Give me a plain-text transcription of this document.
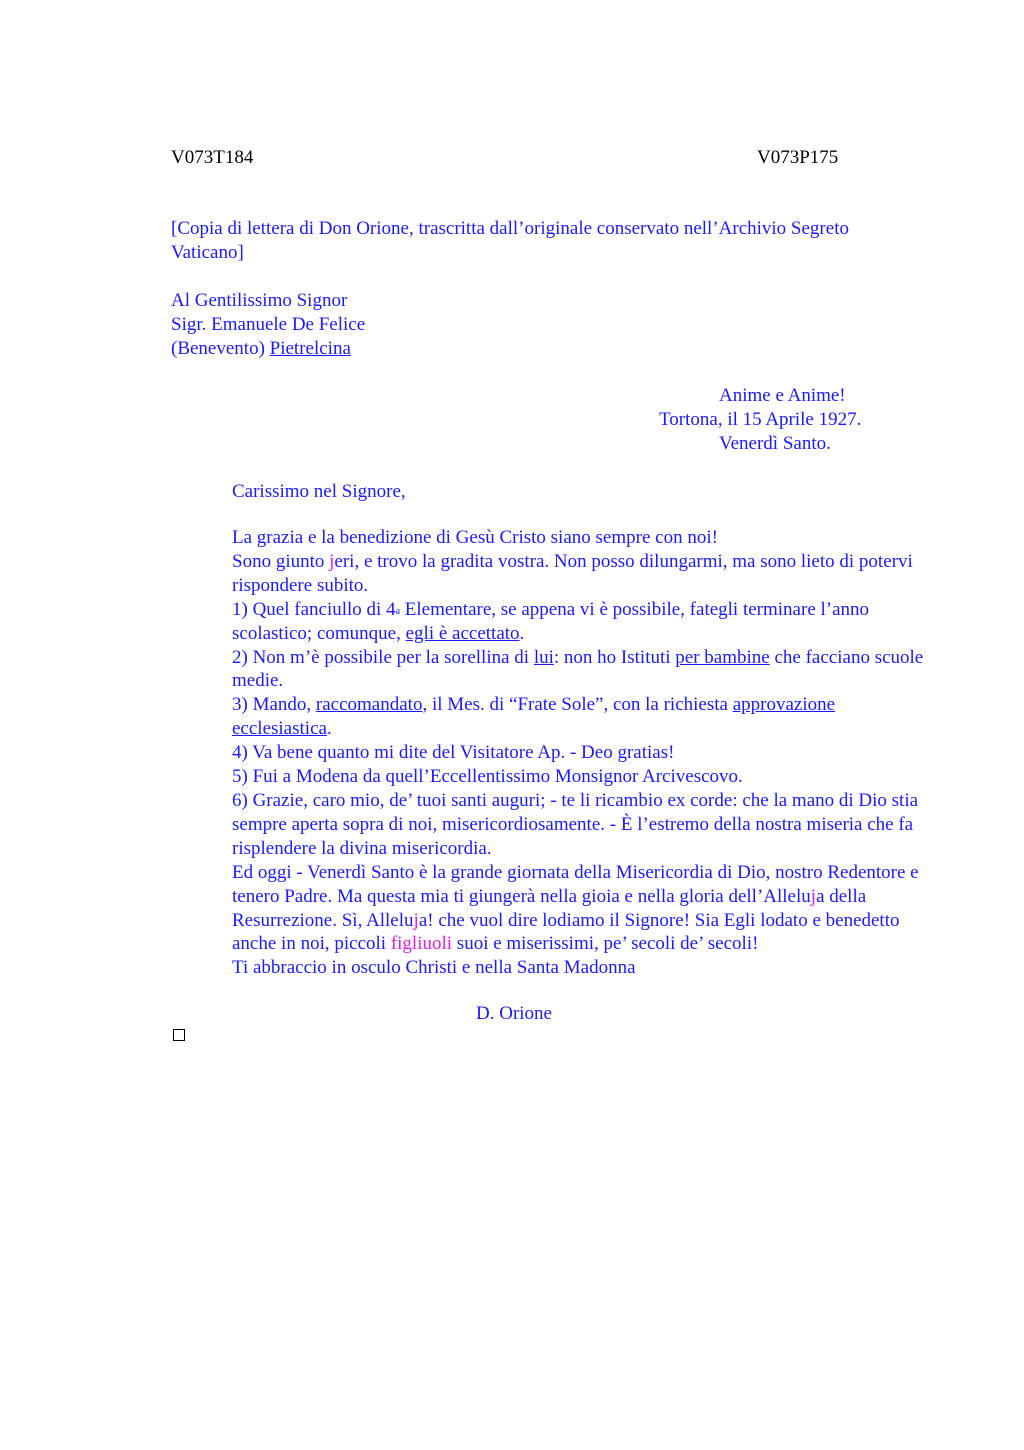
V073T184	V073P175
[Copia di lettera di Don Orione, trascritta dall’originale conservato nell’Archivio Segreto
Vaticano]
Al Gentilissimo Signor
Sigr. Emanuele De Felice
(Benevento) Pietrelcina
Anime e Anime!
Tortona, il 15 Aprile 1927.
Venerdì Santo.
Carissimo nel Signore,

La grazia e la benedizione di Gesù Cristo siano sempre con noi!

Sono giunto jeri, e trovo la gradita vostra. Non posso dilungarmi, ma sono lieto di potervi rispondere subito.

1) Quel fanciullo di 4$^a$ Elementare, se appena vi è possibile, fategli terminare l’anno scolastico; comunque, egli è accettato.

2) Non m’è possibile per la sorellina di lui: non ho Istituti per bambine che facciano scuole medie.

3) Mando, raccomandato, il Mes. di “Frate Sole”, con la richiesta approvazione ecclesiastica.

4) Va bene quanto mi dite del Visitatore Ap. - Deo gratias!

5) Fui a Modena da quell’Eccellentissimo Monsignor Arcivescovo.

6) Grazie, caro mio, de’ tuoi santi auguri; - te li ricambio ex corde: che la mano di Dio stia sempre aperta sopra di noi, misericordiosamente. - È l’estremo della nostra miseria che fa risplendere la divina misericordia.

Ed oggi - Venerdì Santo è la grande giornata della Misericordia di Dio, nostro Redentore e tenero Padre. Ma questa mia ti giungerà nella gioia e nella gloria dell’Alleluja della Resurrezione. Sì, Alleluja! che vuol dire lodiamo il Signore! Sia Egli lodato e benedetto anche in noi, piccoli figliuoli suoi e miserissimi, pe’ secoli de’ secoli!

Ti abbraccio in osculo Christi e nella Santa Madonna

D. Orione
